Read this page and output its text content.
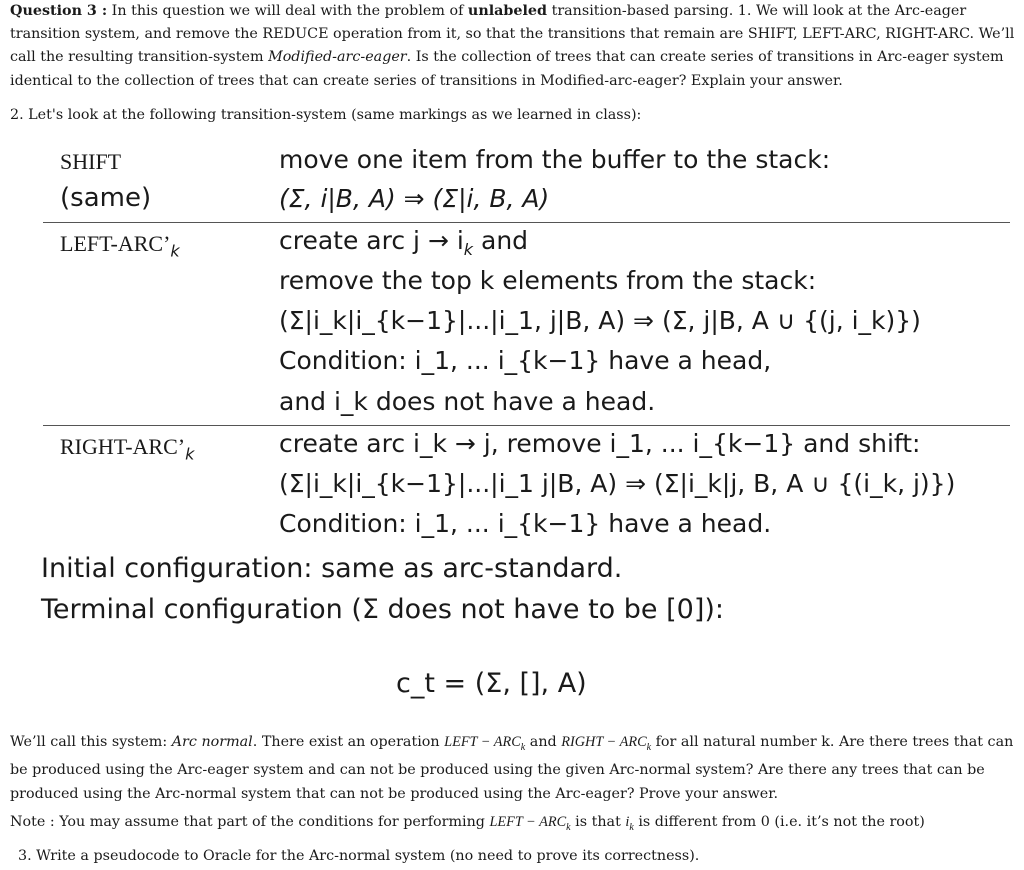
Question 3 : In this question we will deal with the problem of unlabeled transition-based parsing. 1. We will look at the Arc-eager transition system, and remove the REDUCE operation from it, so that the transitions that remain are SHIFT, LEFT-ARC, RIGHT-ARC. We’ll call the resulting transition-system Modified-arc-eager. Is the collection of trees that can create series of transitions in Arc-eager system identical to the collection of trees that can create series of transitions in Modified-arc-eager? Explain your answer.
2. Let's look at the following transition-system (same markings as we learned in class):
SHIFT
(same)
move one item from the buffer to the stack:
(Σ, i|B, A) ⇒ (Σ|i, B, A)
LEFT-$ARC’_k$	create arc $j \to i_k$ and
remove the top k elements from the stack:
(Σ|i_k|i_{k−1}|...|i_1, j|B, A) ⇒ (Σ, j|B, A ∪ {(j, i_k)})
Condition: i_1, ... i_{k−1} have a head,
and i_k does not have a head.
RIGHT-$ARC’_k$	create arc i_k → j, remove i_1, ... i_{k−1} and shift:
(Σ|i_k|i_{k−1}|...|i_1 j|B, A) ⇒ (Σ|i_k|j, B, A ∪ {(i_k, j)})
Condition: i_1, ... i_{k−1} have a head.
Initial configuration: same as arc-standard.
Terminal configuration (Σ does not have to be [0]):
c_t = (Σ, [], A)
We’ll call this system: Arc normal. There exist an operation LEFT − $ARC_k$ and RIGHT − $ARC_k$ for all natural number k. Are there trees that can be produced using the Arc-eager system and can not be produced using the given Arc-normal system? Are there any trees that can be produced using the Arc-normal system that can not be produced using the Arc-eager? Prove your answer.
Note : You may assume that part of the conditions for performing LEFT − $ARC_k$ is that $i_k$ is different from 0 (i.e. it’s not the root)
3. Write a pseudocode to Oracle for the Arc-normal system (no need to prove its correctness).
